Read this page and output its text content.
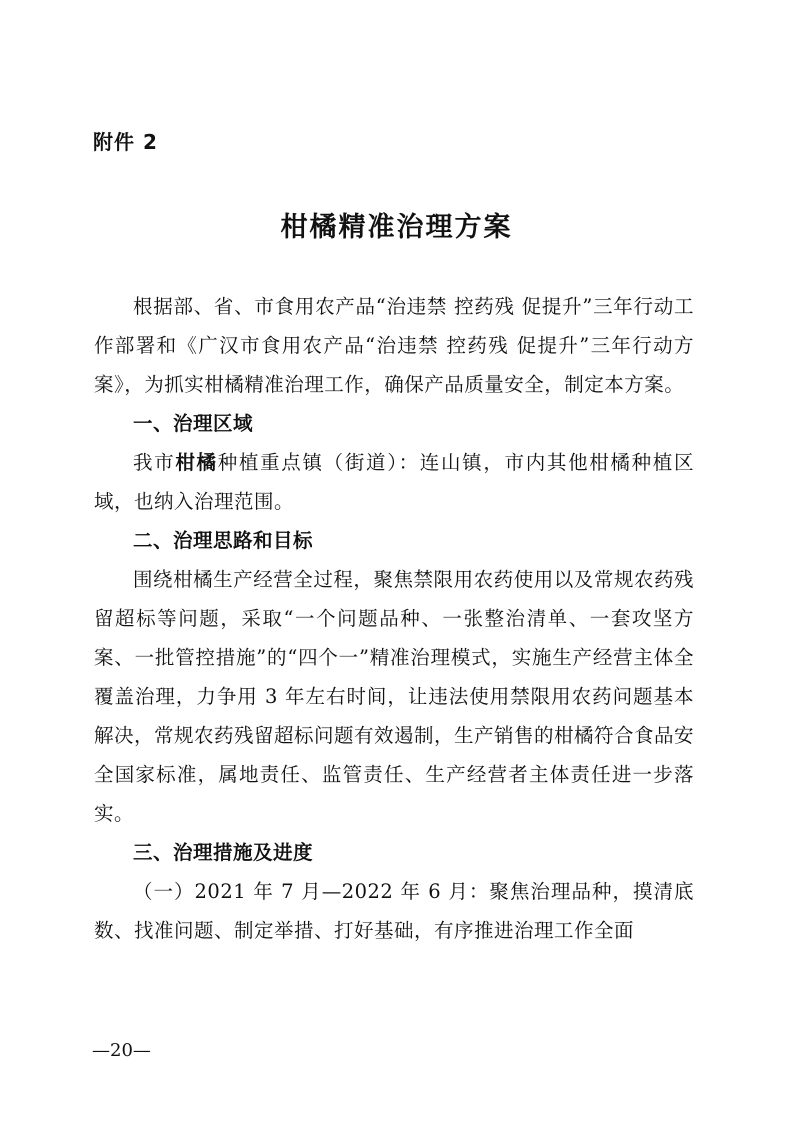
附件 2
柑橘精准治理方案

根据部、省、市食用农产品“治违禁 控药残 促提升”三年行动工作部署和《广汉市食用农产品“治违禁 控药残 促提升”三年行动方案》，为抓实柑橘精准治理工作，确保产品质量安全，制定本方案。

一、治理区域

我市柑橘种植重点镇（街道）：连山镇，市内其他柑橘种植区域，也纳入治理范围。

二、治理思路和目标

围绕柑橘生产经营全过程，聚焦禁限用农药使用以及常规农药残留超标等问题，采取“一个问题品种、一张整治清单、一套攻坚方案、一批管控措施”的“四个一”精准治理模式，实施生产经营主体全覆盖治理，力争用 3 年左右时间，让违法使用禁限用农药问题基本解决，常规农药残留超标问题有效遏制，生产销售的柑橘符合食品安全国家标准，属地责任、监管责任、生产经营者主体责任进一步落实。

三、治理措施及进度

（一）2021 年 7 月—2022 年 6 月：聚焦治理品种，摸清底数、找准问题、制定举措、打好基础，有序推进治理工作全面

—20—
